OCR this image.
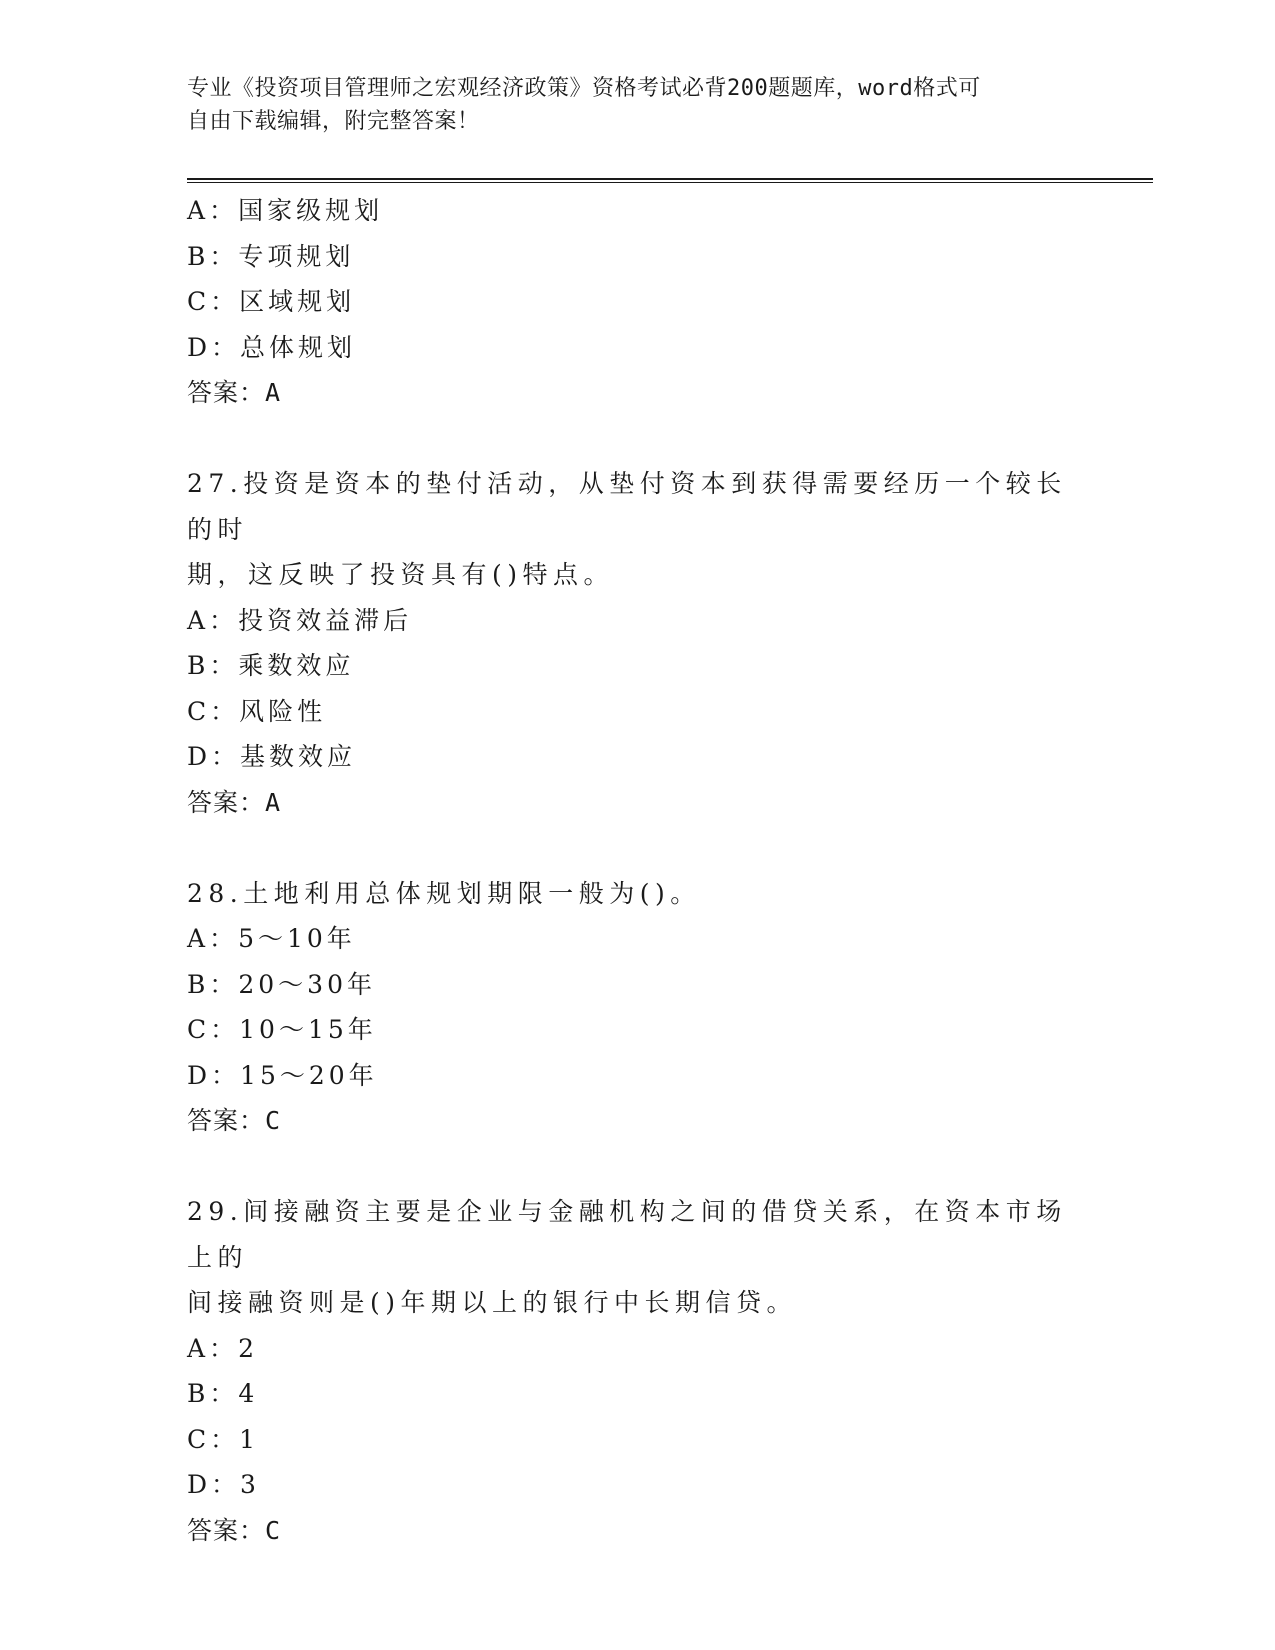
专业《投资项目管理师之宏观经济政策》资格考试必背200题题库，word格式可
自由下载编辑，附完整答案！
A：国家级规划
B：专项规划
C：区域规划
D：总体规划
答案：A
27.投资是资本的垫付活动，从垫付资本到获得需要经历一个较长的时
期，这反映了投资具有()特点。
A：投资效益滞后
B：乘数效应
C：风险性
D：基数效应
答案：A
28.土地利用总体规划期限一般为()。
A：5～10年
B：20～30年
C：10～15年
D：15～20年
答案：C
29.间接融资主要是企业与金融机构之间的借贷关系，在资本市场上的
间接融资则是()年期以上的银行中长期信贷。
A：2
B：4
C：1
D：3
答案：C
